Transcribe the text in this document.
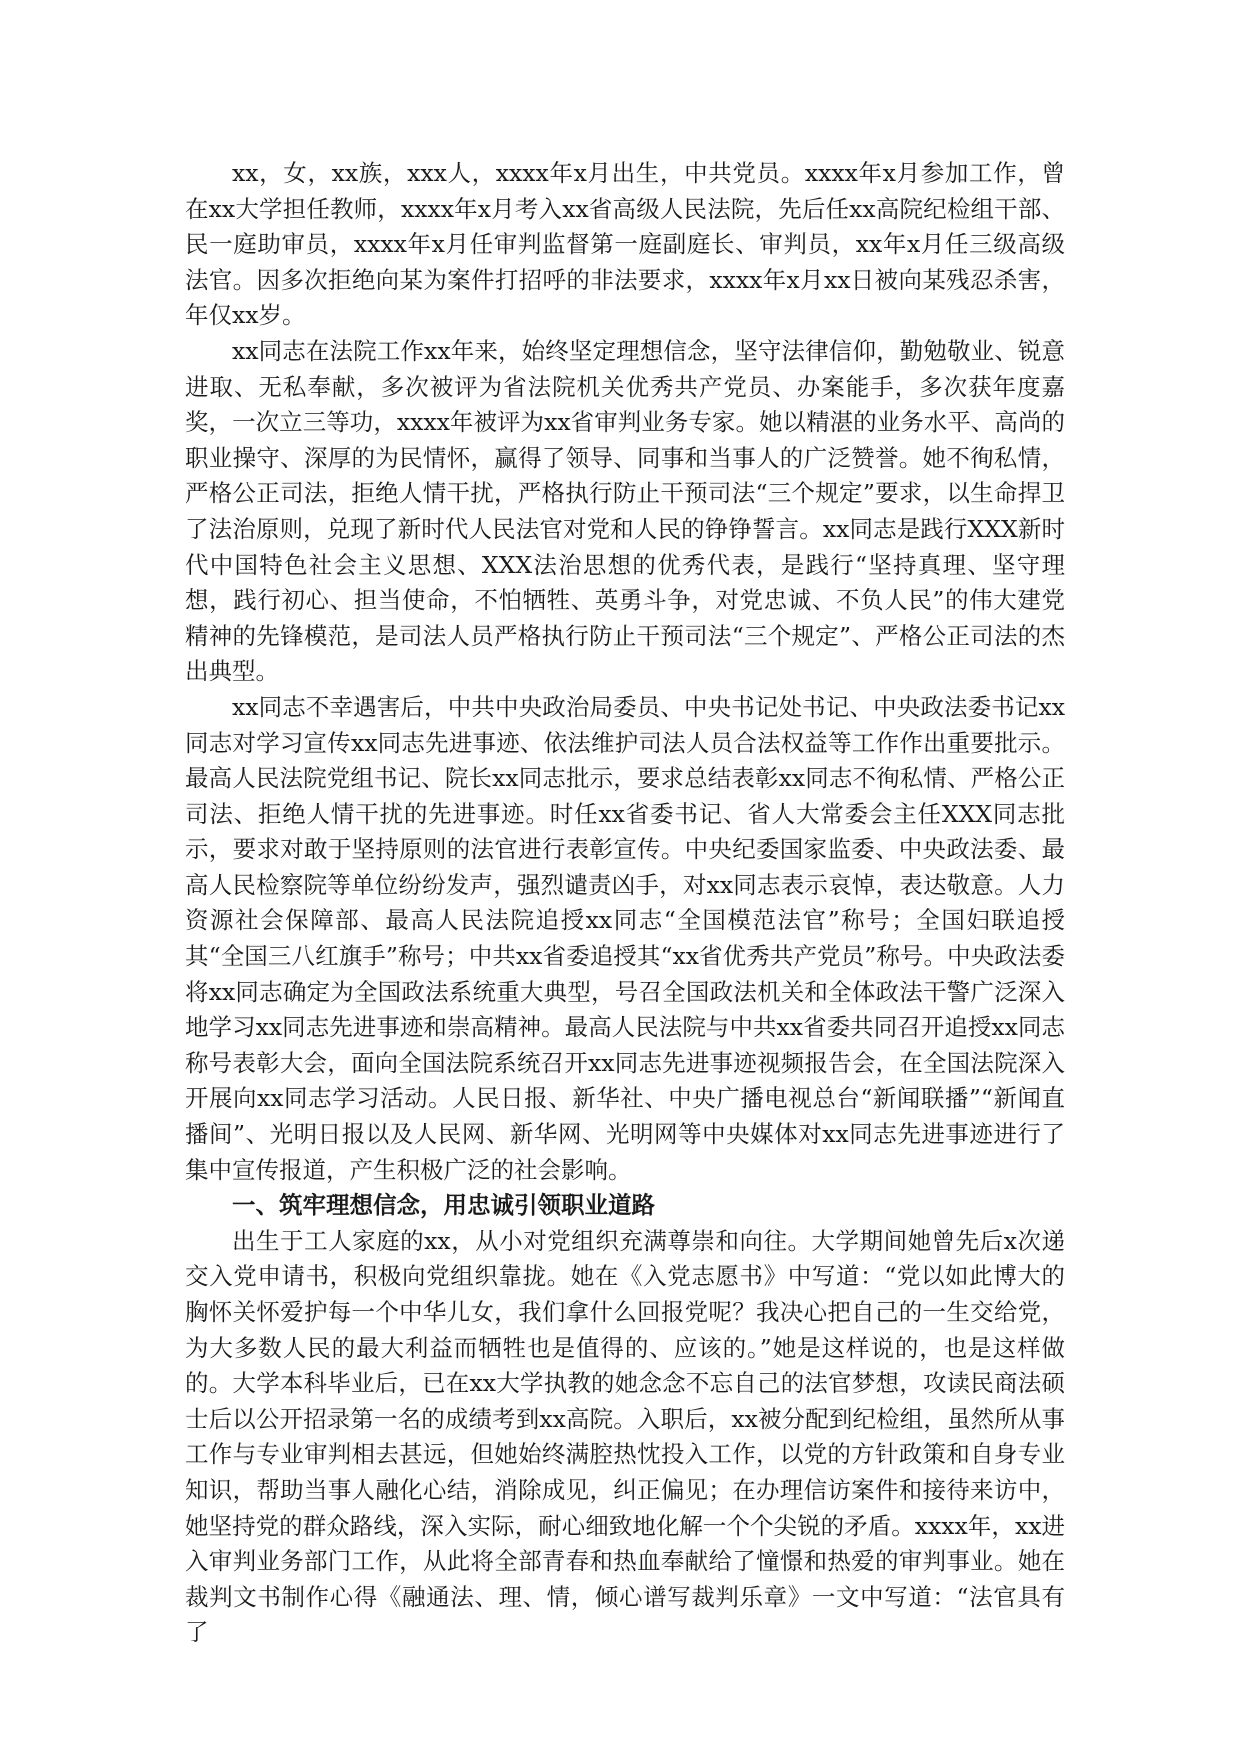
xx，女，xx族，xxx人，xxxx年x月出生，中共党员。xxxx年x月参加工作，曾在xx大学担任教师，xxxx年x月考入xx省高级人民法院，先后任xx高院纪检组干部、民一庭助审员，xxxx年x月任审判监督第一庭副庭长、审判员，xx年x月任三级高级法官。因多次拒绝向某为案件打招呼的非法要求，xxxx年x月xx日被向某残忍杀害，年仅xx岁。

xx同志在法院工作xx年来，始终坚定理想信念，坚守法律信仰，勤勉敬业、锐意进取、无私奉献，多次被评为省法院机关优秀共产党员、办案能手，多次获年度嘉奖，一次立三等功，xxxx年被评为xx省审判业务专家。她以精湛的业务水平、高尚的职业操守、深厚的为民情怀，赢得了领导、同事和当事人的广泛赞誉。她不徇私情，严格公正司法，拒绝人情干扰，严格执行防止干预司法“三个规定”要求，以生命捍卫了法治原则，兑现了新时代人民法官对党和人民的铮铮誓言。xx同志是践行XXX新时代中国特色社会主义思想、XXX法治思想的优秀代表，是践行“坚持真理、坚守理想，践行初心、担当使命，不怕牺牲、英勇斗争，对党忠诚、不负人民”的伟大建党精神的先锋模范，是司法人员严格执行防止干预司法“三个规定”、严格公正司法的杰出典型。

xx同志不幸遇害后，中共中央政治局委员、中央书记处书记、中央政法委书记xx同志对学习宣传xx同志先进事迹、依法维护司法人员合法权益等工作作出重要批示。最高人民法院党组书记、院长xx同志批示，要求总结表彰xx同志不徇私情、严格公正司法、拒绝人情干扰的先进事迹。时任xx省委书记、省人大常委会主任XXX同志批示，要求对敢于坚持原则的法官进行表彰宣传。中央纪委国家监委、中央政法委、最高人民检察院等单位纷纷发声，强烈谴责凶手，对xx同志表示哀悼，表达敬意。人力资源社会保障部、最高人民法院追授xx同志“全国模范法官”称号；全国妇联追授其“全国三八红旗手”称号；中共xx省委追授其“xx省优秀共产党员”称号。中央政法委将xx同志确定为全国政法系统重大典型，号召全国政法机关和全体政法干警广泛深入地学习xx同志先进事迹和崇高精神。最高人民法院与中共xx省委共同召开追授xx同志称号表彰大会，面向全国法院系统召开xx同志先进事迹视频报告会，在全国法院深入开展向xx同志学习活动。人民日报、新华社、中央广播电视总台“新闻联播”“新闻直播间”、光明日报以及人民网、新华网、光明网等中央媒体对xx同志先进事迹进行了集中宣传报道，产生积极广泛的社会影响。

一、筑牢理想信念，用忠诚引领职业道路

出生于工人家庭的xx，从小对党组织充满尊崇和向往。大学期间她曾先后x次递交入党申请书，积极向党组织靠拢。她在《入党志愿书》中写道：“党以如此博大的胸怀关怀爱护每一个中华儿女，我们拿什么回报党呢？我决心把自己的一生交给党，为大多数人民的最大利益而牺牲也是值得的、应该的。”她是这样说的，也是这样做的。大学本科毕业后，已在xx大学执教的她念念不忘自己的法官梦想，攻读民商法硕士后以公开招录第一名的成绩考到xx高院。入职后，xx被分配到纪检组，虽然所从事工作与专业审判相去甚远，但她始终满腔热忱投入工作，以党的方针政策和自身专业知识，帮助当事人融化心结，消除成见，纠正偏见；在办理信访案件和接待来访中，她坚持党的群众路线，深入实际，耐心细致地化解一个个尖锐的矛盾。xxxx年，xx进入审判业务部门工作，从此将全部青春和热血奉献给了憧憬和热爱的审判事业。她在裁判文书制作心得《融通法、理、情，倾心谱写裁判乐章》一文中写道：“法官具有了
